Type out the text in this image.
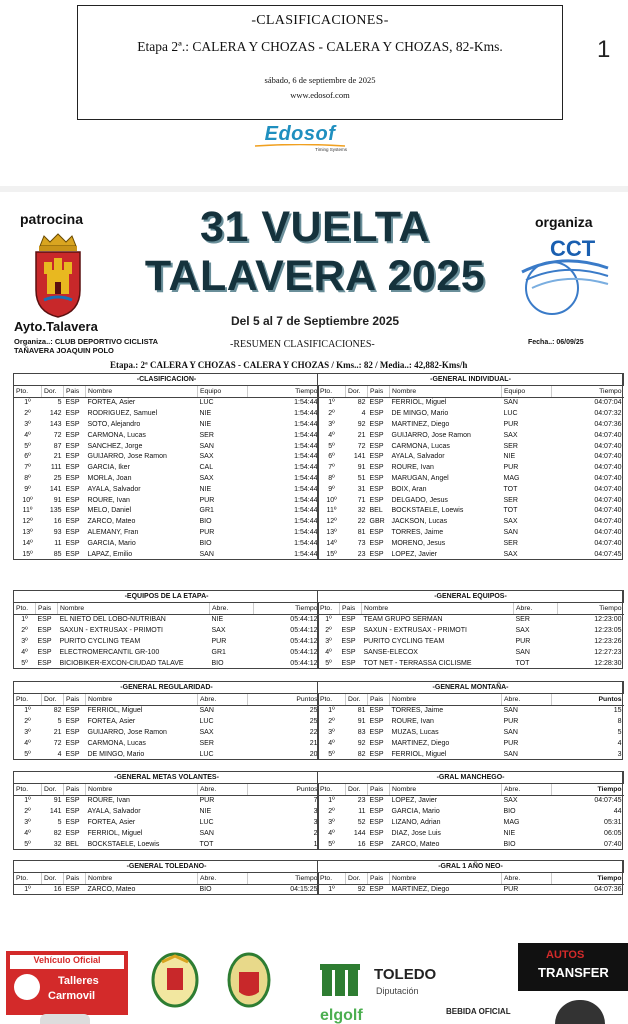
-CLASIFICACIONES-
Etapa 2ª.: CALERA Y CHOZAS - CALERA Y CHOZAS, 82-Kms.
sábado, 6 de septiembre de 2025
www.edosof.com
1
Edosof
Timing Systems
patrocina	organiza
CCT
Ayto.Talavera
31 VUELTA
TALAVERA 2025
Del 5 al 7 de Septiembre 2025
Organiza..: CLUB DEPORTIVO CICLISTA
TAÑAVERA JOAQUIN POLO
-RESUMEN CLASIFICACIONES-	Fecha..: 06/09/25
Etapa.: 2ª CALERA Y CHOZAS - CALERA Y CHOZAS / Kms..: 82 / Media..: 42,882-Kms/h
-CLASIFICACION-					
Pto.	Dor.	Pais	Nombre	Equipo	Tiempo
1º	5	ESP	FORTEA, Asier	LUC	1:54:44
2º	142	ESP	RODRIGUEZ, Samuel	NIE	1:54:44
3º	143	ESP	SOTO, Alejandro	NIE	1:54:44
4º	72	ESP	CARMONA, Lucas	SER	1:54:44
5º	87	ESP	SANCHEZ, Jorge	SAN	1:54:44
6º	21	ESP	GUIJARRO, Jose Ramon	SAX	1:54:44
7º	111	ESP	GARCIA, Iker	CAL	1:54:44
8º	25	ESP	MORLA, Joan	SAX	1:54:44
9º	141	ESP	AYALA, Salvador	NIE	1:54:44
10º	91	ESP	ROURE, Ivan	PUR	1:54:44
11º	135	ESP	MELO, Daniel	GR1	1:54:44
12º	16	ESP	ZARCO, Mateo	BIO	1:54:44
13º	93	ESP	ALEMANY, Fran	PUR	1:54:44
14º	11	ESP	GARCIA, Mario	BIO	1:54:44
15º	85	ESP	LAPAZ, Emilio	SAN	1:54:44
-GENERAL INDIVIDUAL-					
Pto.	Dor.	Pais	Nombre	Equipo	Tiempo
1º	82	ESP	FERRIOL, Miguel	SAN	04:07:04
2º	4	ESP	DE MINGO, Mario	LUC	04:07:32
3º	92	ESP	MARTINEZ, Diego	PUR	04:07:36
4º	21	ESP	GUIJARRO, Jose Ramon	SAX	04:07:40
5º	72	ESP	CARMONA, Lucas	SER	04:07:40
6º	141	ESP	AYALA, Salvador	NIE	04:07:40
7º	91	ESP	ROURE, Ivan	PUR	04:07:40
8º	51	ESP	MARUGAN, Angel	MAG	04:07:40
9º	31	ESP	BOIX, Aran	TOT	04:07:40
10º	71	ESP	DELGADO, Jesus	SER	04:07:40
11º	32	BEL	BOCKSTAELE, Loewis	TOT	04:07:40
12º	22	GBR	JACKSON, Lucas	SAX	04:07:40
13º	81	ESP	TORRES, Jaime	SAN	04:07:40
14º	73	ESP	MORENO, Jesus	SER	04:07:40
15º	23	ESP	LOPEZ, Javier	SAX	04:07:45
-EQUIPOS DE LA ETAPA-				
Pto.	Pais	Nombre	Abre.	Tiempo
1º	ESP	EL NIETO DEL LOBO-NUTRIBAN	NIE	05:44:12
2º	ESP	SAXUN - EXTRUSAX - PRIMOTI	SAX	05:44:12
3º	ESP	PURITO CYCLING TEAM	PUR	05:44:12
4º	ESP	ELECTROMERCANTIL GR-100	GR1	05:44:12
5º	ESP	BICIOBIKER-EXCON-CIUDAD TALAVE	BIO	05:44:12
-GENERAL EQUIPOS-				
Pto.	Pais	Nombre	Abre.	Tiempo
1º	ESP	TEAM GRUPO SERMAN	SER	12:23:00
2º	ESP	SAXUN - EXTRUSAX - PRIMOTI	SAX	12:23:05
3º	ESP	PURITO CYCLING TEAM	PUR	12:23:26
4º	ESP	SANSE-ELECOX	SAN	12:27:23
5º	ESP	TOT NET - TERRASSA CICLISME	TOT	12:28:30
-GENERAL REGULARIDAD-					
Pto.	Dor.	Pais	Nombre	Abre.	Puntos
1º	82	ESP	FERRIOL, Miguel	SAN	25
2º	5	ESP	FORTEA, Asier	LUC	25
3º	21	ESP	GUIJARRO, Jose Ramon	SAX	22
4º	72	ESP	CARMONA, Lucas	SER	21
5º	4	ESP	DE MINGO, Mario	LUC	20
-GENERAL MONTAÑA-					
Pto.	Dor.	Pais	Nombre	Abre.	Puntos
1º	81	ESP	TORRES, Jaime	SAN	15
2º	91	ESP	ROURE, Ivan	PUR	8
3º	83	ESP	MUZAS, Lucas	SAN	5
4º	92	ESP	MARTINEZ, Diego	PUR	4
5º	82	ESP	FERRIOL, Miguel	SAN	3
-GENERAL METAS VOLANTES-					
Pto.	Dor.	Pais	Nombre	Abre.	Puntos
1º	91	ESP	ROURE, Ivan	PUR	7
2º	141	ESP	AYALA, Salvador	NIE	3
3º	5	ESP	FORTEA, Asier	LUC	3
4º	82	ESP	FERRIOL, Miguel	SAN	2
5º	32	BEL	BOCKSTAELE, Loewis	TOT	1
-GRAL MANCHEGO-					
Pto.	Dor.	Pais	Nombre	Abre.	Tiempo
1º	23	ESP	LOPEZ, Javier	SAX	04:07:45
2º	11	ESP	GARCIA, Mario	BIO	44
3º	52	ESP	LIZANO, Adrian	MAG	05:31
4º	144	ESP	DIAZ, Jose Luis	NIE	06:05
5º	16	ESP	ZARCO, Mateo	BIO	07:40
-GENERAL TOLEDANO-					
Pto.	Dor.	Pais	Nombre	Abre.	Tiempo
1º	16	ESP	ZARCO, Mateo	BIO	04:15:25
-GRAL 1 AÑO NEO-					
Pto.	Dor.	Pais	Nombre	Abre.	Tiempo
1º	92	ESP	MARTINEZ, Diego	PUR	04:07:36
Vehículo Oficial
Talleres
Carmovil
TOLEDO
Diputación
AUTOS
TRANSFER
elgolf	BEBIDA OFICIAL
